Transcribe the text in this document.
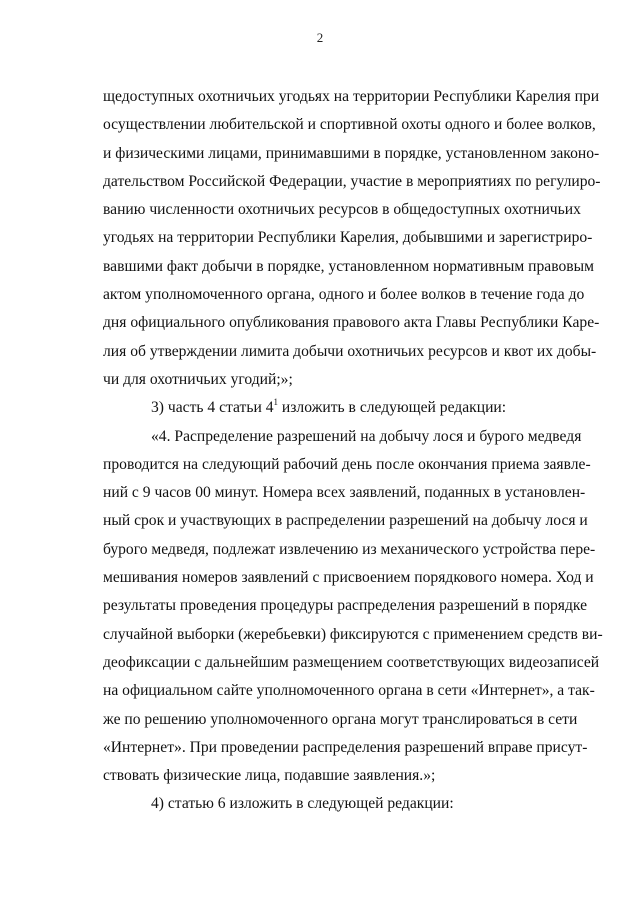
2
щедоступных охотничьих угодьях на территории Республики Карелия при
осуществлении любительской и спортивной охоты одного и более волков,
и физическими лицами, принимавшими в порядке, установленном законо-
дательством Российской Федерации, участие в мероприятиях по регулиро-
ванию численности охотничьих ресурсов в общедоступных охотничьих
угодьях на территории Республики Карелия, добывшими и зарегистриро-
вавшими факт добычи в порядке, установленном нормативным правовым
актом уполномоченного органа, одного и более волков в течение года до
дня официального опубликования правового акта Главы Республики Каре-
лия об утверждении лимита добычи охотничьих ресурсов и квот их добы-
чи для охотничьих угодий;»;
3) часть 4 статьи $4^1$ изложить в следующей редакции:
«4. Распределение разрешений на добычу лося и бурого медведя
проводится на следующий рабочий день после окончания приема заявле-
ний с 9 часов 00 минут. Номера всех заявлений, поданных в установлен-
ный срок и участвующих в распределении разрешений на добычу лося и
бурого медведя, подлежат извлечению из механического устройства пере-
мешивания номеров заявлений с присвоением порядкового номера. Ход и
результаты проведения процедуры распределения разрешений в порядке
случайной выборки (жеребьевки) фиксируются с применением средств ви-
деофиксации с дальнейшим размещением соответствующих видеозаписей
на официальном сайте уполномоченного органа в сети «Интернет», а так-
же по решению уполномоченного органа могут транслироваться в сети
«Интернет». При проведении распределения разрешений вправе присут-
ствовать физические лица, подавшие заявления.»;
4) статью 6 изложить в следующей редакции:
